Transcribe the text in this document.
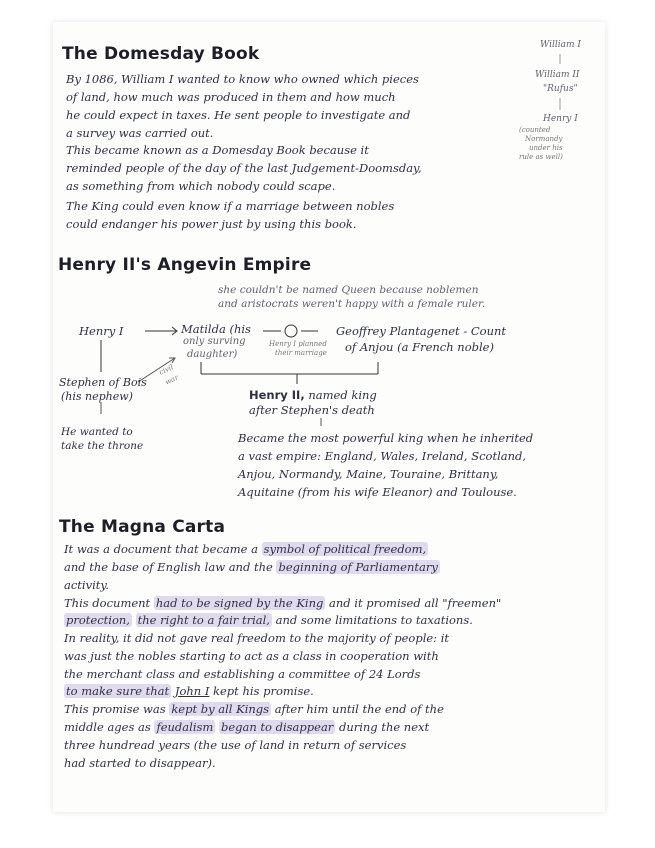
The Domesday Book
By 1086, William I wanted to know who owned which pieces
of land, how much was produced in them and how much
he could expect in taxes. He sent people to investigate and
a survey was carried out.
This became known as a Domesday Book because it
reminded people of the day of the last Judgement-Doomsday,
as something from which nobody could scape.
The King could even know if a marriage between nobles
could endanger his power just by using this book.
William I
William II
"Rufus"
Henry I
(counted
Normandy
under his
rule as well)
Henry II's Angevin Empire
she couldn't be named Queen because noblemen
and aristocrats weren't happy with a female ruler.
Henry I	Matilda (his
only surving
daughter)
Henry I planned
their marriage
Geoffrey Plantagenet - Count
of Anjou (a French noble)
civil
war
Stephen of Bois
(his nephew)
He wanted to
take the throne
Henry II, named king
after Stephen's death
Became the most powerful king when he inherited
a vast empire: England, Wales, Ireland, Scotland,
Anjou, Normandy, Maine, Touraine, Brittany,
Aquitaine (from his wife Eleanor) and Toulouse.
The Magna Carta
It was a document that became a symbol of political freedom,
and the base of English law and the beginning of Parliamentary
activity.
This document had to be signed by the King and it promised all "freemen"
protection, the right to a fair trial, and some limitations to taxations.
In reality, it did not gave real freedom to the majority of people: it
was just the nobles starting to act as a class in cooperation with
the merchant class and establishing a committee of 24 Lords
to make sure that John I kept his promise.
This promise was kept by all Kings after him until the end of the
middle ages as feudalism began to disappear during the next
three hundread years (the use of land in return of services
had started to disappear).
